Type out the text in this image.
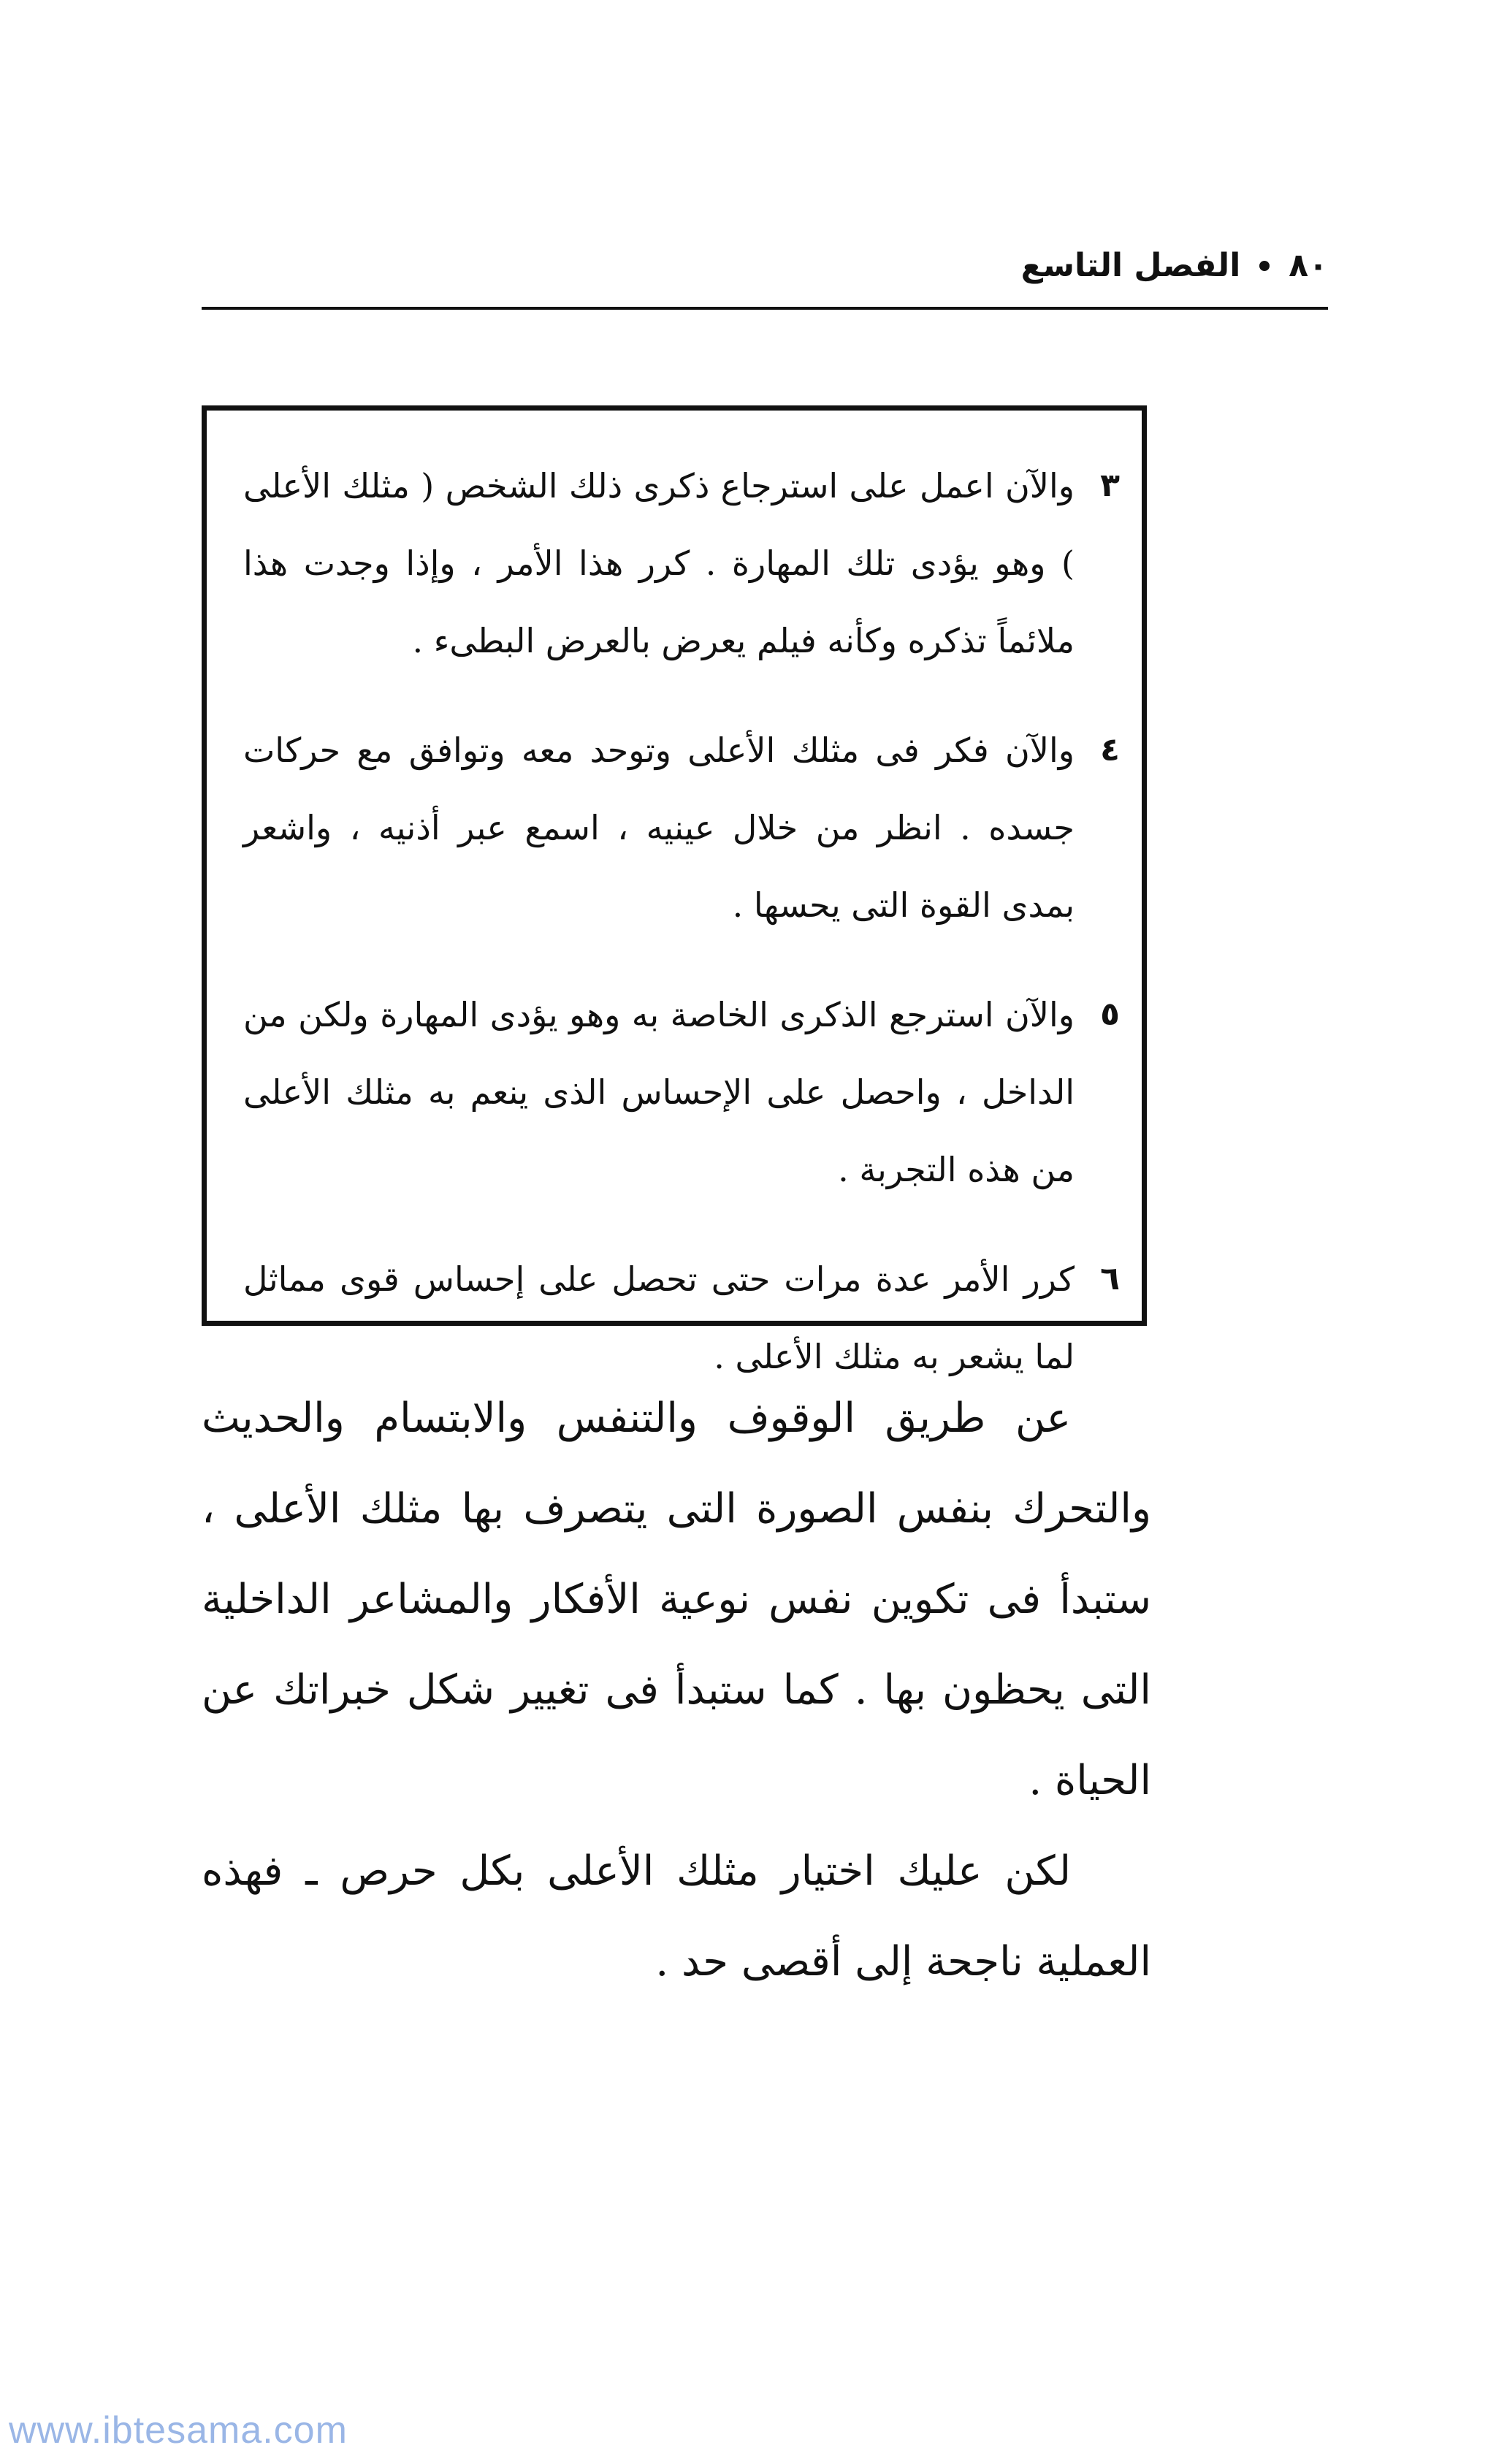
٨٠
الفصل التاسع
٣
والآن اعمل على استرجاع ذكرى ذلك الشخص ( مثلك الأعلى ) وهو يؤدى تلك المهارة . كرر هذا الأمر ، وإذا وجدت هذا ملائماً تذكره وكأنه فيلم يعرض بالعرض البطىء .
٤
والآن فكر فى مثلك الأعلى وتوحد معه وتوافق مع حركات جسده . انظر من خلال عينيه ، اسمع عبر أذنيه ، واشعر بمدى القوة التى يحسها .
٥
والآن استرجع الذكرى الخاصة به وهو يؤدى المهارة ولكن من الداخل ، واحصل على الإحساس الذى ينعم به مثلك الأعلى من هذه التجربة .
٦
كرر الأمر عدة مرات حتى تحصل على إحساس قوى مماثل لما يشعر به مثلك الأعلى .

عن طريق الوقوف والتنفس والابتسام والحديث والتحرك بنفس الصورة التى يتصرف بها مثلك الأعلى ، ستبدأ فى تكوين نفس نوعية الأفكار والمشاعر الداخلية التى يحظون بها . كما ستبدأ فى تغيير شكل خبراتك عن الحياة .

لكن عليك اختيار مثلك الأعلى بكل حرص ـ فهذه العملية ناجحة إلى أقصى حد .

www.ibtesama.com
